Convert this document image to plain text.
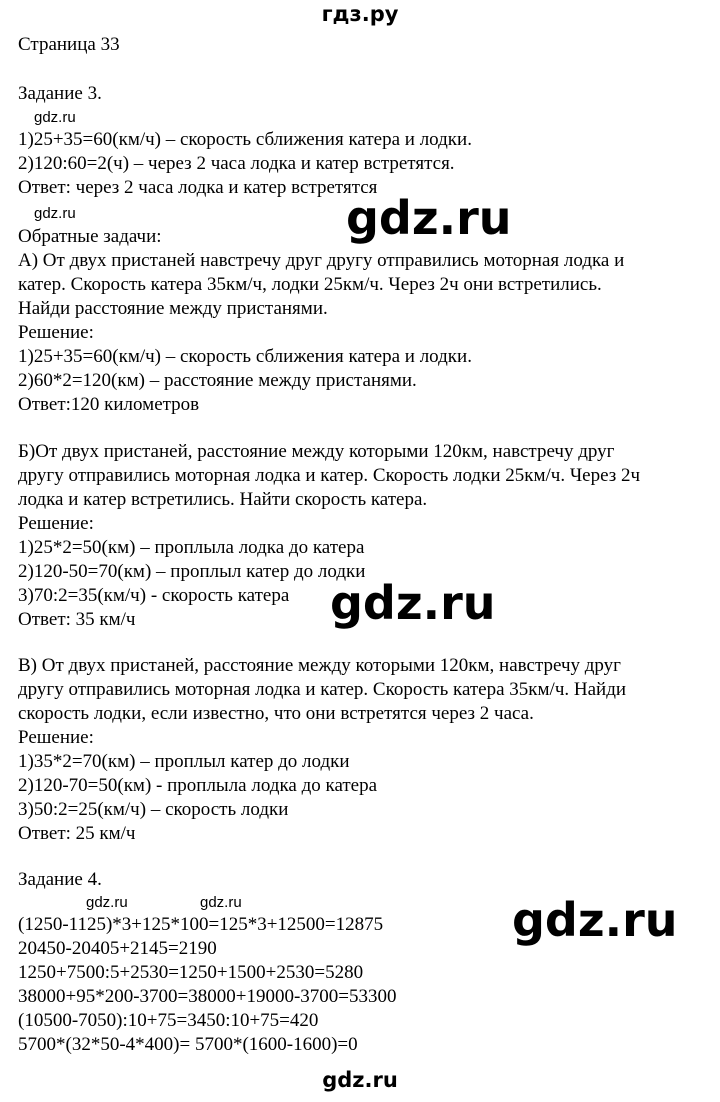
гдз.ру
Страница 33
Задание 3.
gdz.ru
1)25+35=60(км/ч) – скорость сближения катера и лодки.
2)120:60=2(ч) – через 2 часа лодка и катер встретятся.
Ответ: через 2 часа лодка и катер встретятся
gdz.ru	gdz.ru
Обратные задачи:
А) От двух пристаней навстречу друг другу отправились моторная лодка и
катер. Скорость катера 35км/ч, лодки 25км/ч. Через 2ч они встретились.
Найди расстояние между пристанями.
Решение:
1)25+35=60(км/ч) – скорость сближения катера и лодки.
2)60*2=120(км) – расстояние между пристанями.
Ответ:120 километров
Б)От двух пристаней, расстояние между которыми 120км, навстречу друг
другу отправились моторная лодка и катер. Скорость лодки 25км/ч. Через 2ч
лодка и катер встретились. Найти скорость катера.
Решение:
1)25*2=50(км) – проплыла лодка до катера
2)120-50=70(км) – проплыл катер до лодки
3)70:2=35(км/ч) - скорость катера gdz.ru
Ответ: 35 км/ч
В) От двух пристаней, расстояние между которыми 120км, навстречу друг
другу отправились моторная лодка и катер. Скорость катера 35км/ч. Найди
скорость лодки, если известно, что они встретятся через 2 часа.
Решение:
1)35*2=70(км) – проплыл катер до лодки
2)120-70=50(км) - проплыла лодка до катера
3)50:2=25(км/ч) – скорость лодки
Ответ: 25 км/ч
Задание 4.
gdz.ru	gdz.ru	gdz.ru
(1250-1125)*3+125*100=125*3+12500=12875
20450-20405+2145=2190
1250+7500:5+2530=1250+1500+2530=5280
38000+95*200-3700=38000+19000-3700=53300
(10500-7050):10+75=3450:10+75=420
5700*(32*50-4*400)= 5700*(1600-1600)=0
gdz.ru
